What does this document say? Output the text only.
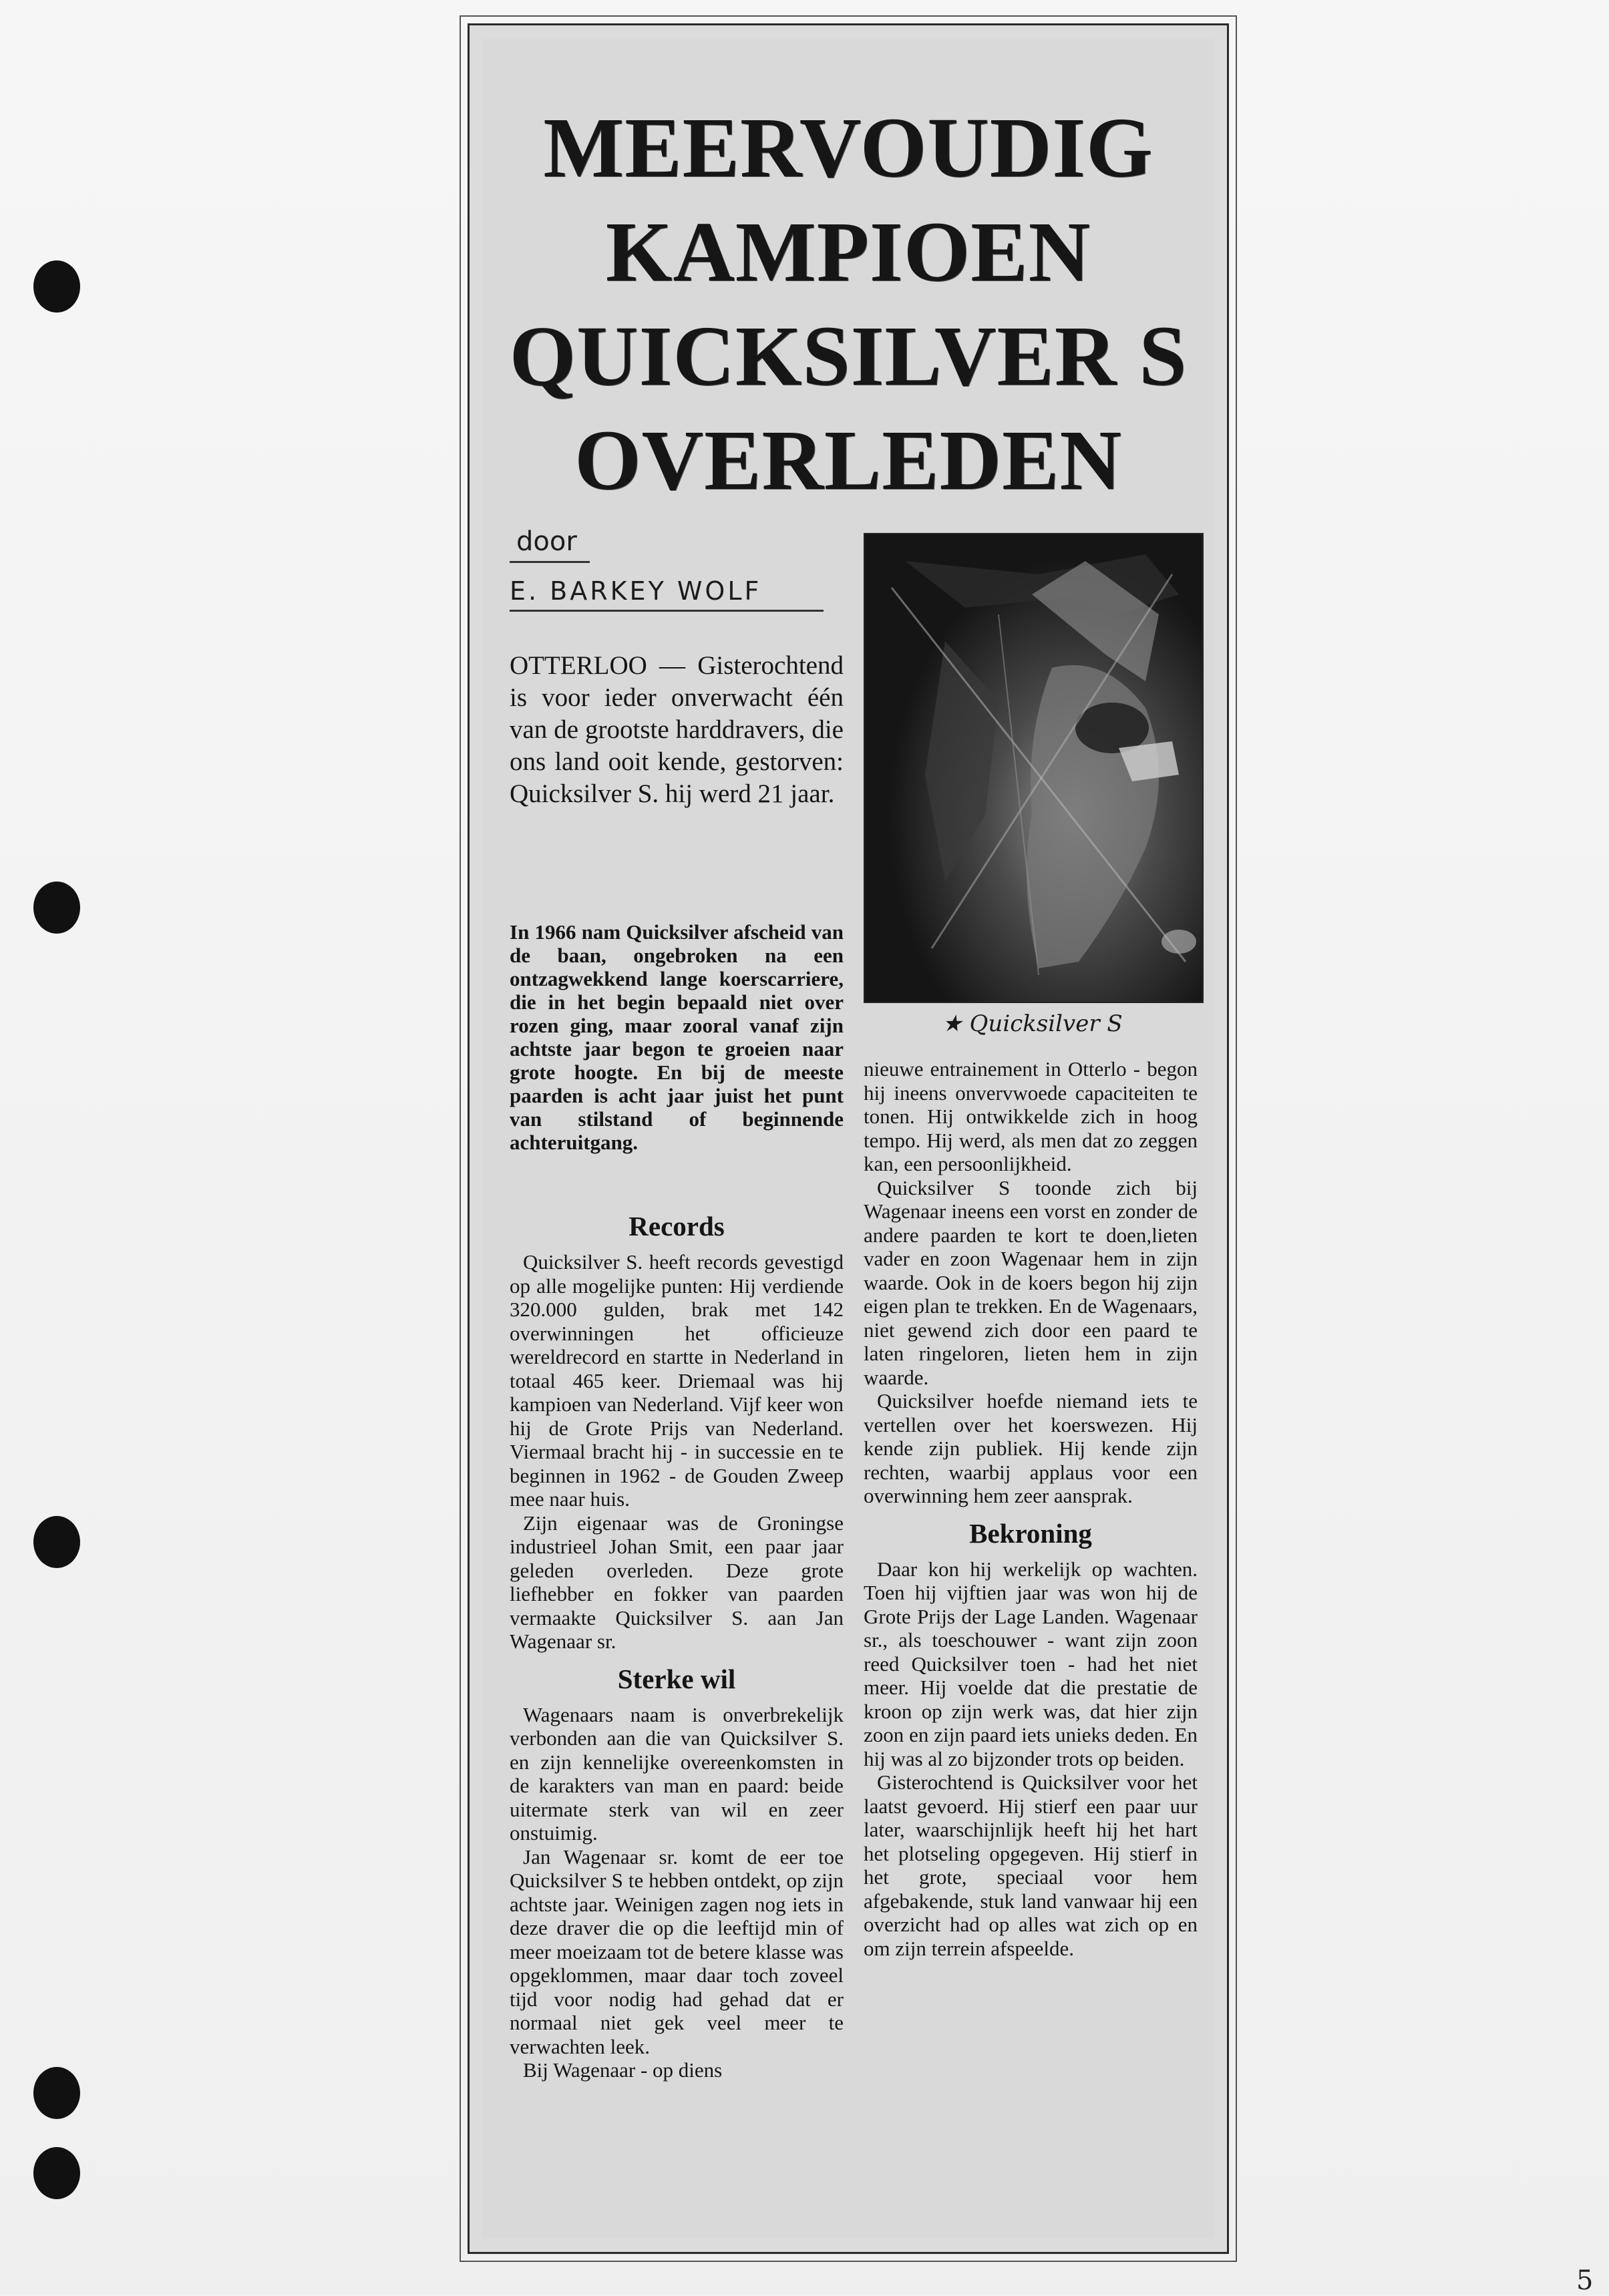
MEERVOUDIG
KAMPIOEN
QUICKSILVER S
OVERLEDEN
door
E. BARKEY WOLF
★ Quicksilver S
OTTERLOO — Gisterochtend is voor ieder onverwacht één van de grootste harddravers, die ons land ooit kende, gestorven: Quicksilver S. hij werd 21 jaar.
In 1966 nam Quicksilver afscheid van de baan, ongebroken na een ontzagwekkend lange koerscarriere, die in het begin bepaald niet over rozen ging, maar zooral vanaf zijn achtste jaar begon te groeien naar grote hoogte. En bij de meeste paarden is acht jaar juist het punt van stilstand of beginnende achteruitgang.
Records

Quicksilver S. heeft records gevestigd op alle mogelijke punten: Hij verdiende 320.000 gulden, brak met 142 overwinningen het officieuze wereldrecord en startte in Nederland in totaal 465 keer. Driemaal was hij kampioen van Nederland. Vijf keer won hij de Grote Prijs van Nederland. Viermaal bracht hij - in successie en te beginnen in 1962 - de Gouden Zweep mee naar huis.

Zijn eigenaar was de Groningse industrieel Johan Smit, een paar jaar geleden overleden. Deze grote liefhebber en fokker van paarden vermaakte Quicksilver S. aan Jan Wagenaar sr.

Sterke wil

Wagenaars naam is onverbrekelijk verbonden aan die van Quicksilver S. en zijn kennelijke overeenkomsten in de karakters van man en paard: beide uitermate sterk van wil en zeer onstuimig.

Jan Wagenaar sr. komt de eer toe Quicksilver S te hebben ontdekt, op zijn achtste jaar. Weinigen zagen nog iets in deze draver die op die leeftijd min of meer moeizaam tot de betere klasse was opgeklommen, maar daar toch zoveel tijd voor nodig had gehad dat er normaal niet gek veel meer te verwachten leek.

Bij Wagenaar - op diens

nieuwe entrainement in Otterlo - begon hij ineens onvervwoede capaciteiten te tonen. Hij ontwikkelde zich in hoog tempo. Hij werd, als men dat zo zeggen kan, een persoonlijkheid.

Quicksilver S toonde zich bij Wagenaar ineens een vorst en zonder de andere paarden te kort te doen,lieten vader en zoon Wagenaar hem in zijn waarde. Ook in de koers begon hij zijn eigen plan te trekken. En de Wagenaars, niet gewend zich door een paard te laten ringeloren, lieten hem in zijn waarde.

Quicksilver hoefde niemand iets te vertellen over het koerswezen. Hij kende zijn publiek. Hij kende zijn rechten, waarbij applaus voor een overwinning hem zeer aansprak.

Bekroning

Daar kon hij werkelijk op wachten. Toen hij vijftien jaar was won hij de Grote Prijs der Lage Landen. Wagenaar sr., als toeschouwer - want zijn zoon reed Quicksilver toen - had het niet meer. Hij voelde dat die prestatie de kroon op zijn werk was, dat hier zijn zoon en zijn paard iets unieks deden. En hij was al zo bijzonder trots op beiden.

Gisterochtend is Quicksilver voor het laatst gevoerd. Hij stierf een paar uur later, waarschijnlijk heeft hij het hart het plotseling opgegeven. Hij stierf in het grote, speciaal voor hem afgebakende, stuk land vanwaar hij een overzicht had op alles wat zich op en om zijn terrein afspeelde.

5
